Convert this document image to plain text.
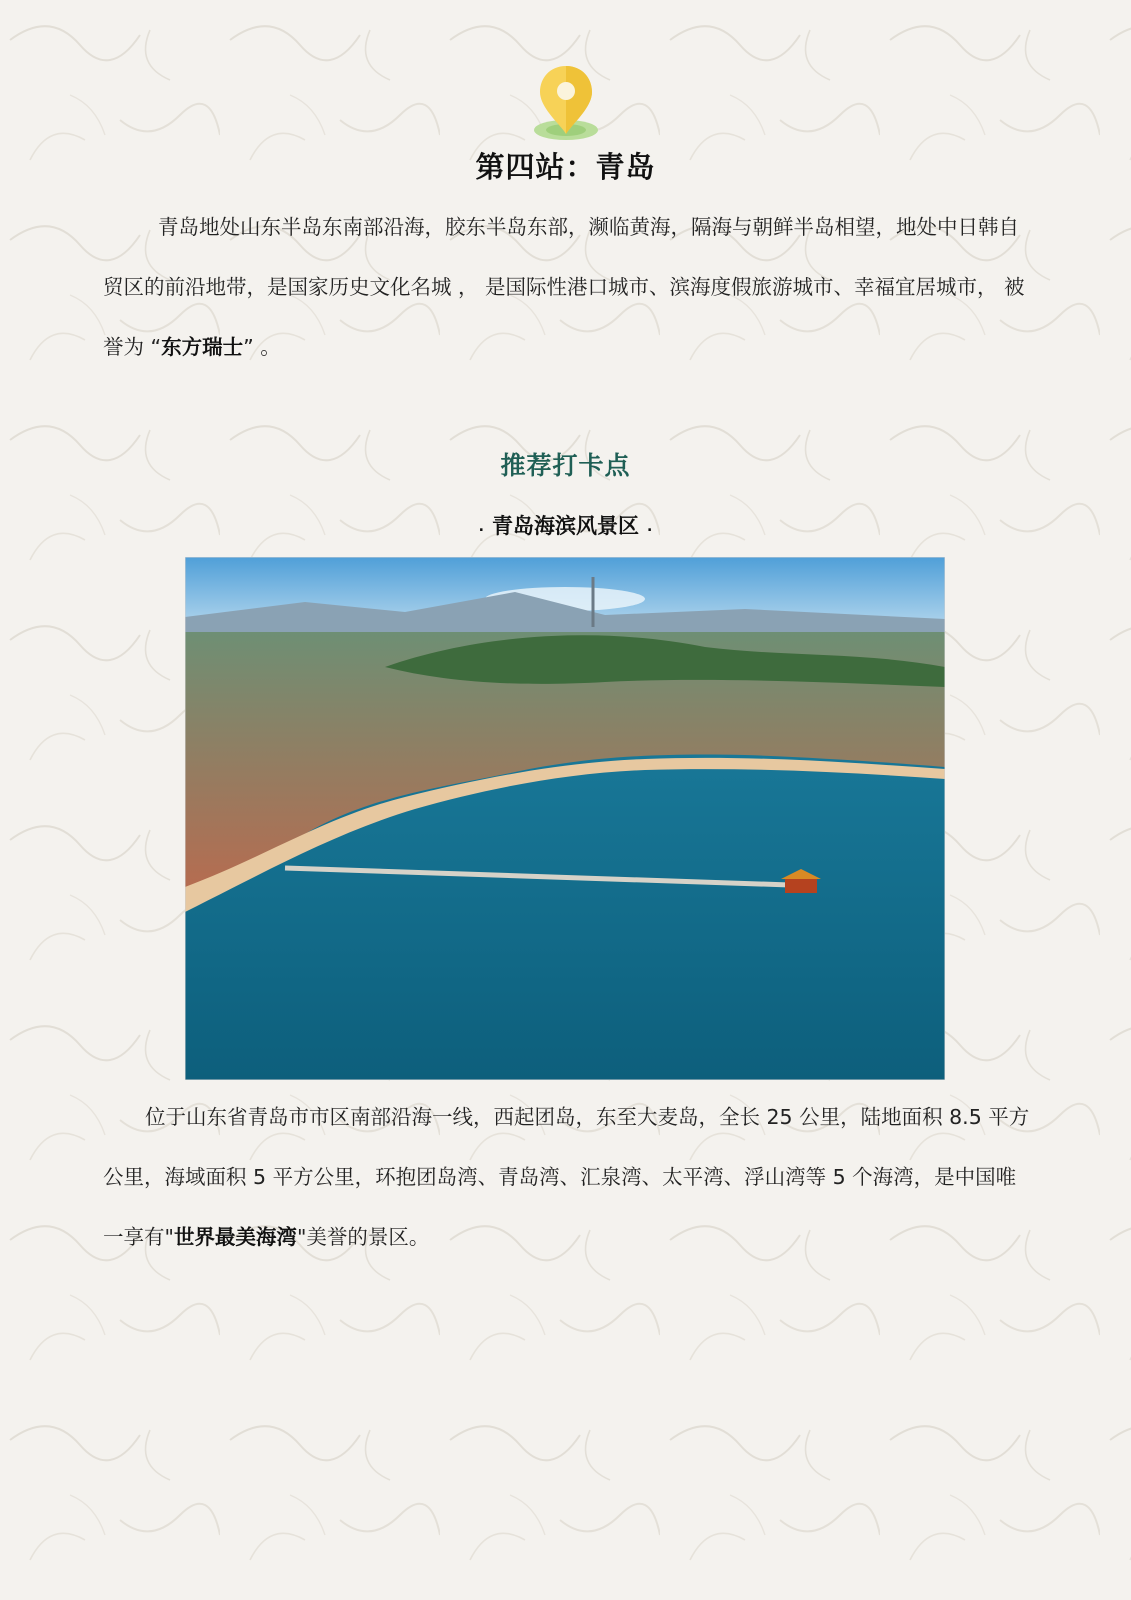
第四站：青岛
青岛地处山东半岛东南部沿海，胶东半岛东部，濒临黄海，隔海与朝鲜半岛相望，地处中日韩自贸区的前沿地带，是国家历史文化名城 ， 是国际性港口城市、滨海度假旅游城市、幸福宜居城市， 被誉为 “东方瑞士” 。
推荐打卡点
. 青岛海滨风景区 .
位于山东省青岛市市区南部沿海一线，西起团岛，东至大麦岛，全长 25 公里，陆地面积 8.5 平方公里，海域面积 5 平方公里，环抱团岛湾、青岛湾、汇泉湾、太平湾、浮山湾等 5 个海湾，是中国唯一享有"世界最美海湾"美誉的景区。
